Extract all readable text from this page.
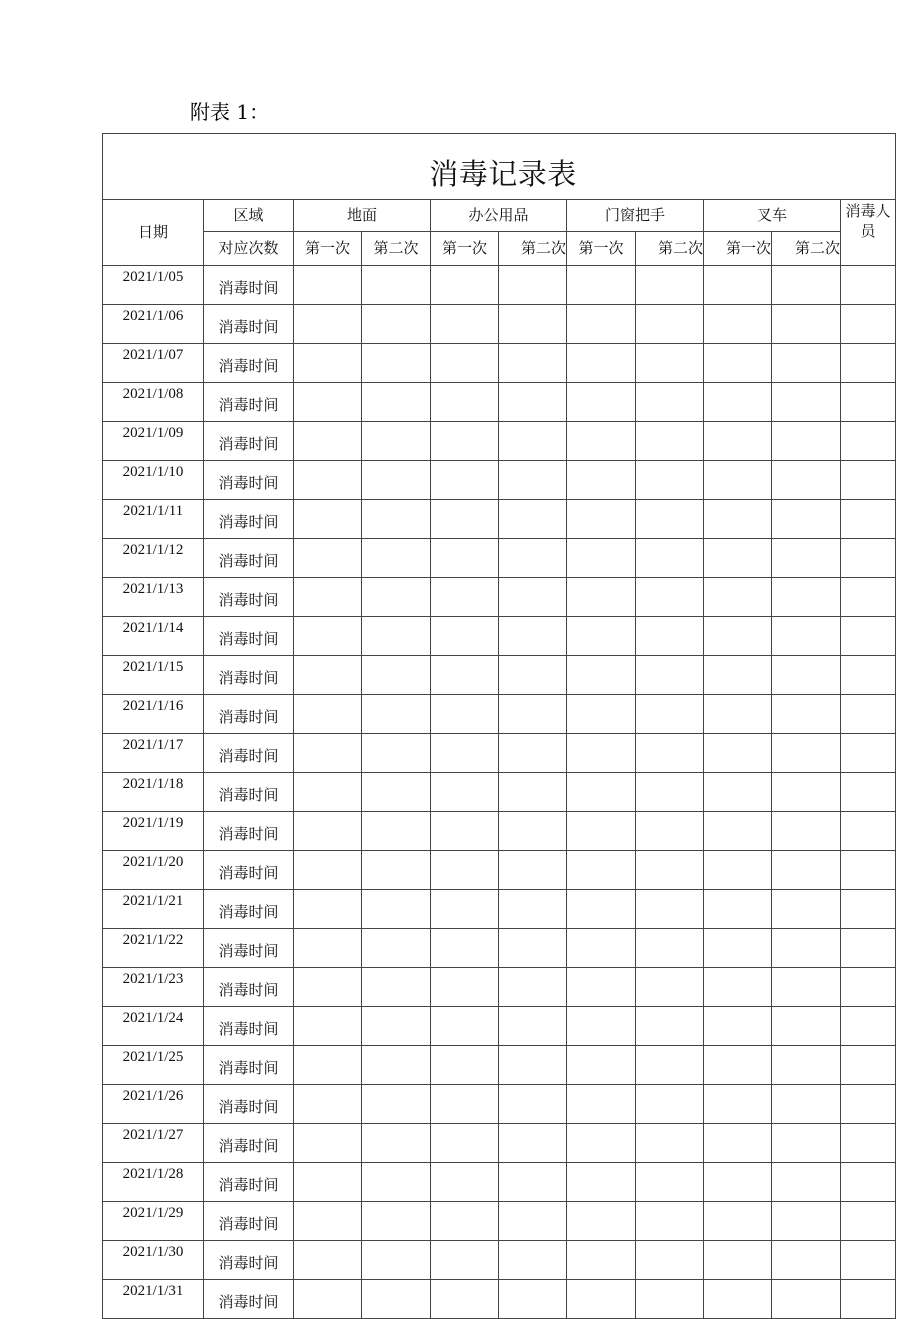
附表 1：
消毒记录表										
日期	区域	地面		办公用品		门窗把手		叉车		消毒人员
	对应次数	第一次	第二次	第一次	第二次	第一次	第二次	第一次	第二次	
2021/1/05	消毒时间									
2021/1/06	消毒时间									
2021/1/07	消毒时间									
2021/1/08	消毒时间									
2021/1/09	消毒时间									
2021/1/10	消毒时间									
2021/1/11	消毒时间									
2021/1/12	消毒时间									
2021/1/13	消毒时间									
2021/1/14	消毒时间									
2021/1/15	消毒时间									
2021/1/16	消毒时间									
2021/1/17	消毒时间									
2021/1/18	消毒时间									
2021/1/19	消毒时间									
2021/1/20	消毒时间									
2021/1/21	消毒时间									
2021/1/22	消毒时间									
2021/1/23	消毒时间									
2021/1/24	消毒时间									
2021/1/25	消毒时间									
2021/1/26	消毒时间									
2021/1/27	消毒时间									
2021/1/28	消毒时间									
2021/1/29	消毒时间									
2021/1/30	消毒时间									
2021/1/31	消毒时间									
